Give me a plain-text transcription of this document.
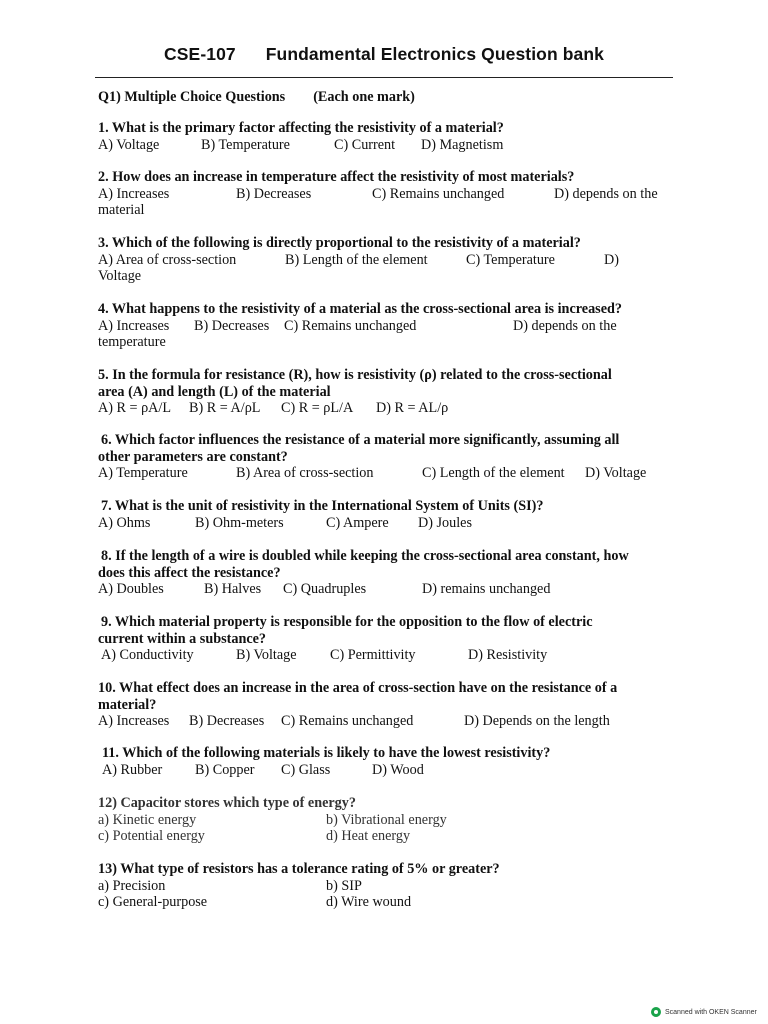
CSE-107 Fundamental Electronics Question bank
Q1) Multiple Choice Questions (Each one mark)
1. What is the primary factor affecting the resistivity of a material?
A) Voltage	B) Temperature	C) Current D) Magnetism
2. How does an increase in temperature affect the resistivity of most materials?
A) Increases	B) Decreases	C) Remains unchanged	D) depends on the
material
3. Which of the following is directly proportional to the resistivity of a material?
A) Area of cross-section	B) Length of the element	C) Temperature	D)
Voltage
4. What happens to the resistivity of a material as the cross-sectional area is increased?
A) Increases B) Decreases C) Remains unchanged	D) depends on the
temperature
5. In the formula for resistance (R), how is resistivity (ρ) related to the cross-sectional
area (A) and length (L) of the material
A) R = ρA/L B) R = A/ρL C) R = ρL/A D) R = AL/ρ
6. Which factor influences the resistance of a material more significantly, assuming all
other parameters are constant?
A) Temperature	B) Area of cross-section	C) Length of the element D) Voltage
7. What is the unit of resistivity in the International System of Units (SI)?
A) Ohms	B) Ohm-meters	C) Ampere D) Joules
8. If the length of a wire is doubled while keeping the cross-sectional area constant, how
does this affect the resistance?
A) Doubles	B) Halves C) Quadruples	D) remains unchanged
9. Which material property is responsible for the opposition to the flow of electric
current within a substance?
A) Conductivity	B) Voltage C) Permittivity	D) Resistivity
10. What effect does an increase in the area of cross-section have on the resistance of a
material?
A) Increases B) Decreases C) Remains unchanged	D) Depends on the length
11. Which of the following materials is likely to have the lowest resistivity?
A) Rubber B) Copper C) Glass	D) Wood
12) Capacitor stores which type of energy?
a) Kinetic energy	b) Vibrational energy
c) Potential energy	d) Heat energy
13) What type of resistors has a tolerance rating of 5% or greater?
a) Precision	b) SIP
c) General-purpose	d) Wire wound
Scanned with OKEN Scanner
